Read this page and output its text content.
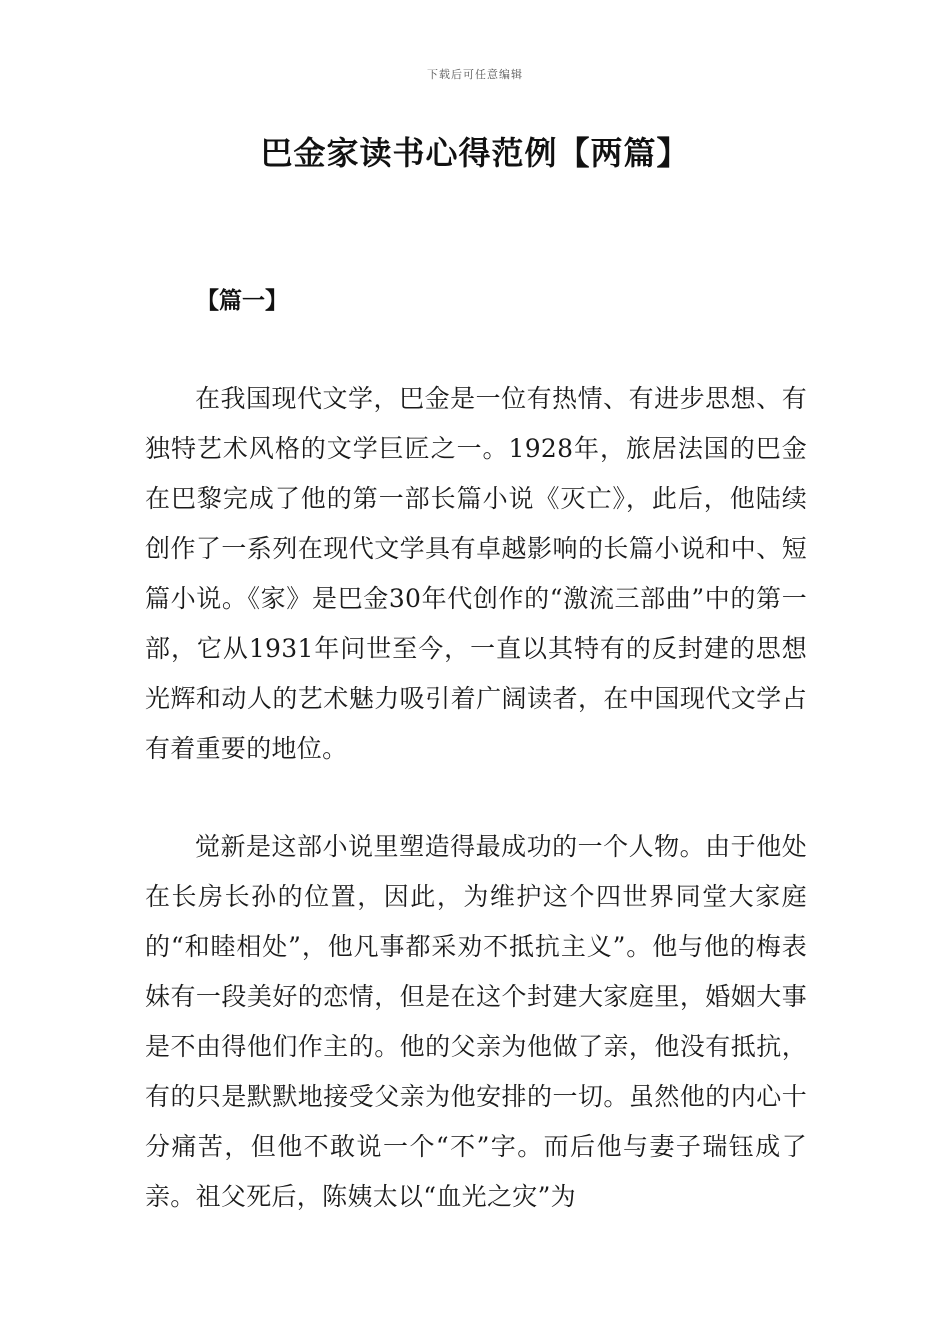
下载后可任意编辑
巴金家读书心得范例【两篇】
【篇一】

在我国现代文学，巴金是一位有热情、有进步思想、有独特艺术风格的文学巨匠之一。1928年，旅居法国的巴金在巴黎完成了他的第一部长篇小说《灭亡》，此后，他陆续创作了一系列在现代文学具有卓越影响的长篇小说和中、短篇小说。《家》是巴金30年代创作的“激流三部曲”中的第一部，它从1931年问世至今，一直以其特有的反封建的思想光辉和动人的艺术魅力吸引着广阔读者，在中国现代文学占有着重要的地位。

觉新是这部小说里塑造得最成功的一个人物。由于他处在长房长孙的位置，因此，为维护这个四世界同堂大家庭的“和睦相处”，他凡事都采劝不抵抗主义”。他与他的梅表妹有一段美好的恋情，但是在这个封建大家庭里，婚姻大事是不由得他们作主的。他的父亲为他做了亲，他没有抵抗，有的只是默默地接受父亲为他安排的一切。虽然他的内心十分痛苦，但他不敢说一个“不”字。而后他与妻子瑞钰成了亲。祖父死后，陈姨太以“血光之灾”为
